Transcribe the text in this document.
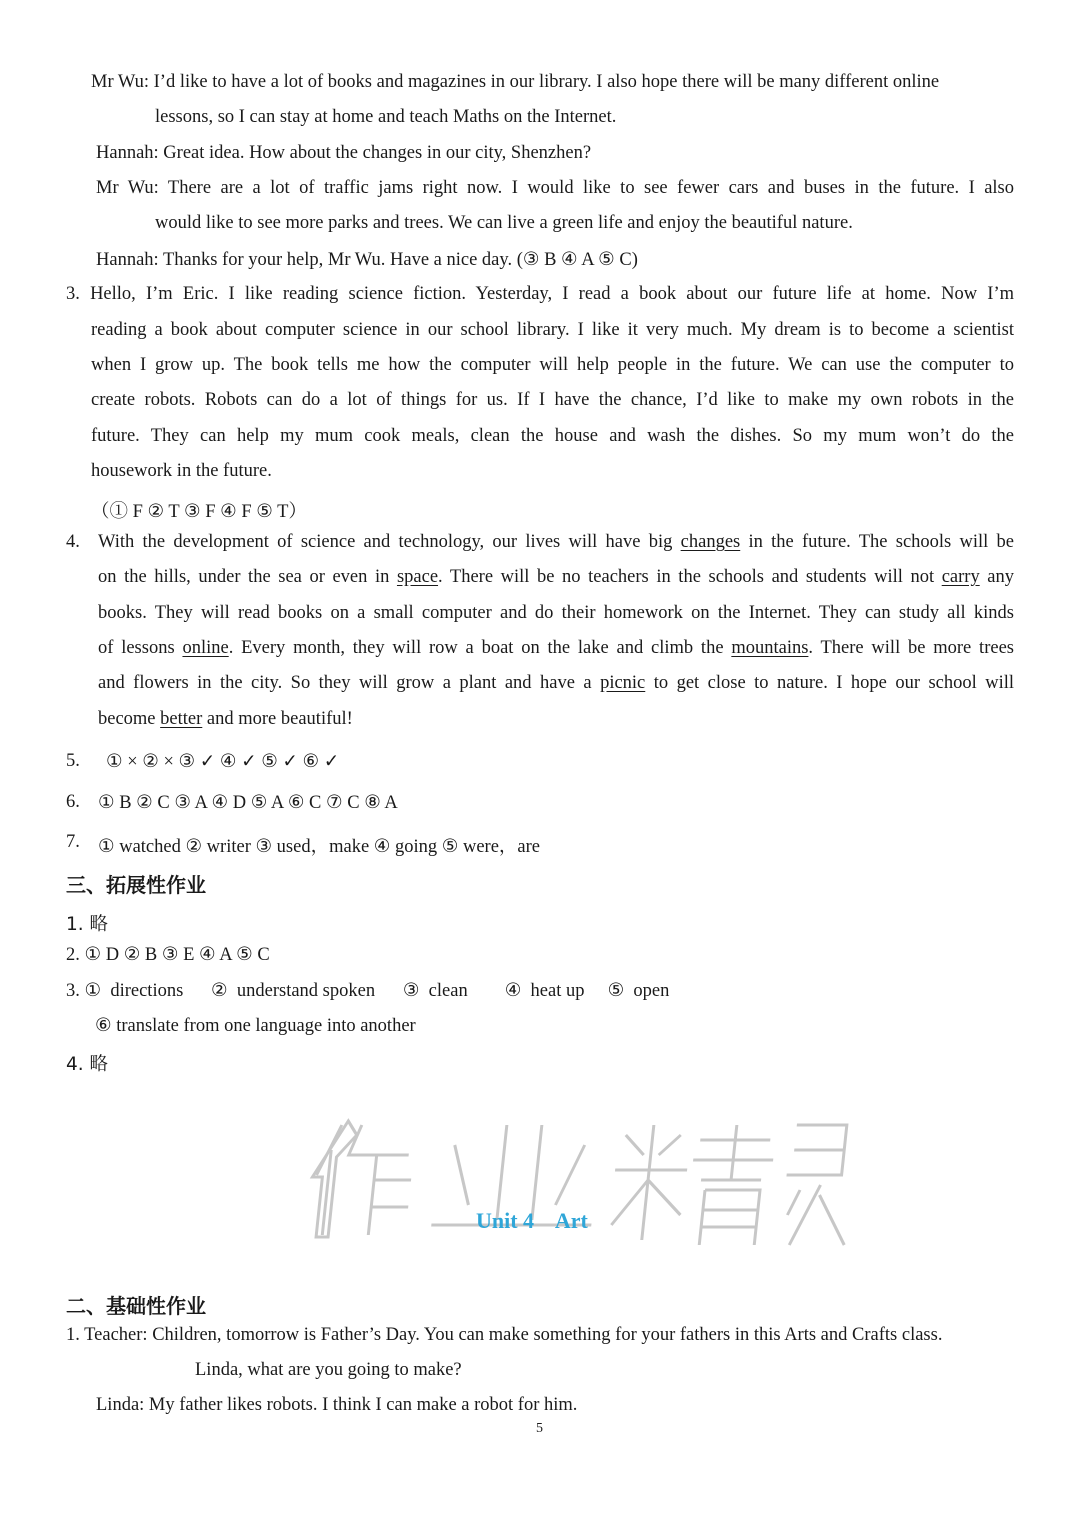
Mr Wu: I’d like to have a lot of books and magazines in our library. I also hope there will be many different online
lessons, so I can stay at home and teach Maths on the Internet.
Hannah: Great idea. How about the changes in our city, Shenzhen?
Mr Wu: There are a lot of traffic jams right now. I would like to see fewer cars and buses in the future. I also
would like to see more parks and trees. We can live a green life and enjoy the beautiful nature.
Hannah: Thanks for your help, Mr Wu. Have a nice day. (③ B ④ A ⑤ C)
3. Hello, I’m Eric. I like reading science fiction. Yesterday, I read a book about our future life at home. Now I’m
reading a book about computer science in our school library. I like it very much. My dream is to become a scientist
when I grow up. The book tells me how the computer will help people in the future. We can use the computer to
create robots. Robots can do a lot of things for us. If I have the chance, I’d like to make my own robots in the
future. They can help my mum cook meals, clean the house and wash the dishes. So my mum won’t do the
housework in the future.
（① F ② T ③ F ④ F ⑤ T）
4. With the development of science and technology, our lives will have big changes in the future. The schools will be
on the hills, under the sea or even in space. There will be no teachers in the schools and students will not carry any
books. They will read books on a small computer and do their homework on the Internet. They can study all kinds
of lessons online. Every month, they will row a boat on the lake and climb the mountains. There will be more trees
and flowers in the city. So they will grow a plant and have a picnic to get close to nature. I hope our school will
become better and more beautiful!
5. ① × ② × ③ ✓ ④ ✓ ⑤ ✓ ⑥ ✓
6. ① B ② C ③ A ④ D ⑤ A ⑥ C ⑦ C ⑧ A
7. ① watched ② writer ③ used，make ④ going ⑤ were，are
三、拓展性作业
1. 略
2. ① D ② B ③ E ④ A ⑤ C
3. ①  directions      ②  understand spoken      ③  clean        ④  heat up     ⑤  open
⑥ translate from one language into another
4. 略
Unit 4    Art
二、基础性作业
1. Teacher: Children, tomorrow is Father’s Day. You can make something for your fathers in this Arts and Crafts class.
Linda, what are you going to make?
Linda: My father likes robots. I think I can make a robot for him.
5
